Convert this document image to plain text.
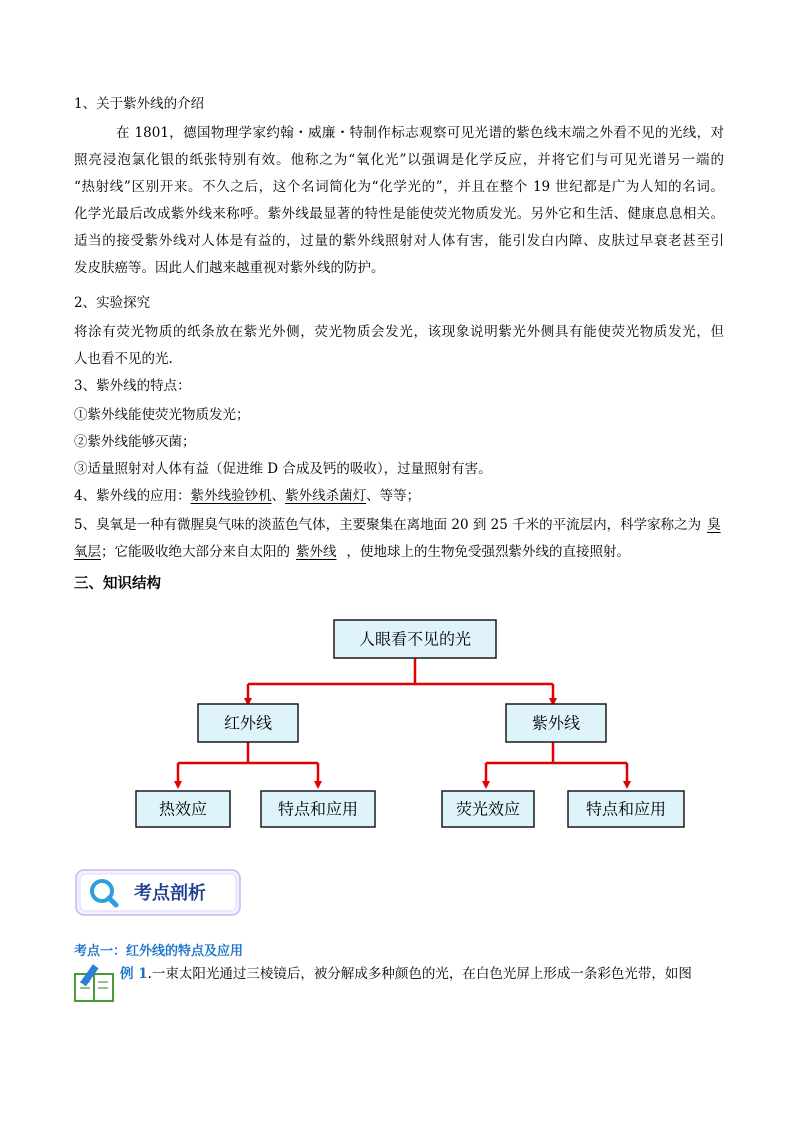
1、关于紫外线的介绍
在 1801，德国物理学家约翰・威廉・特制作标志观察可见光谱的紫色线末端之外看不见的光线，对
照亮浸泡氯化银的纸张特别有效。他称之为“氧化光”以强调是化学反应，并将它们与可见光谱另一端的
“热射线”区别开来。不久之后，这个名词简化为“化学光的”，并且在整个 19 世纪都是广为人知的名词。
化学光最后改成紫外线来称呼。紫外线最显著的特性是能使荧光物质发光。另外它和生活、健康息息相关。
适当的接受紫外线对人体是有益的，过量的紫外线照射对人体有害，能引发白内障、皮肤过早衰老甚至引
发皮肤癌等。因此人们越来越重视对紫外线的防护。
2、实验探究
将涂有荧光物质的纸条放在紫光外侧，荧光物质会发光，该现象说明紫光外侧具有能使荧光物质发光，但
人也看不见的光.
3、紫外线的特点：
①紫外线能使荧光物质发光；
②紫外线能够灭菌；
③适量照射对人体有益（促进维 D 合成及钙的吸收），过量照射有害。
4、紫外线的应用：紫外线验钞机、紫外线杀菌灯、等等；
5、臭氧是一种有微腥臭气味的淡蓝色气体，主要聚集在离地面 20 到 25 千米的平流层内，科学家称之为 臭
氧层；它能吸收绝大部分来自太阳的 紫外线 ，使地球上的生物免受强烈紫外线的直接照射。
三、知识结构
人眼看不见的光
红外线	紫外线
热效应	特点和应用	荧光效应	特点和应用
考点剖析
考点一：红外线的特点及应用
例 1.一束太阳光通过三棱镜后，被分解成多种颜色的光，在白色光屏上形成一条彩色光带，如图
